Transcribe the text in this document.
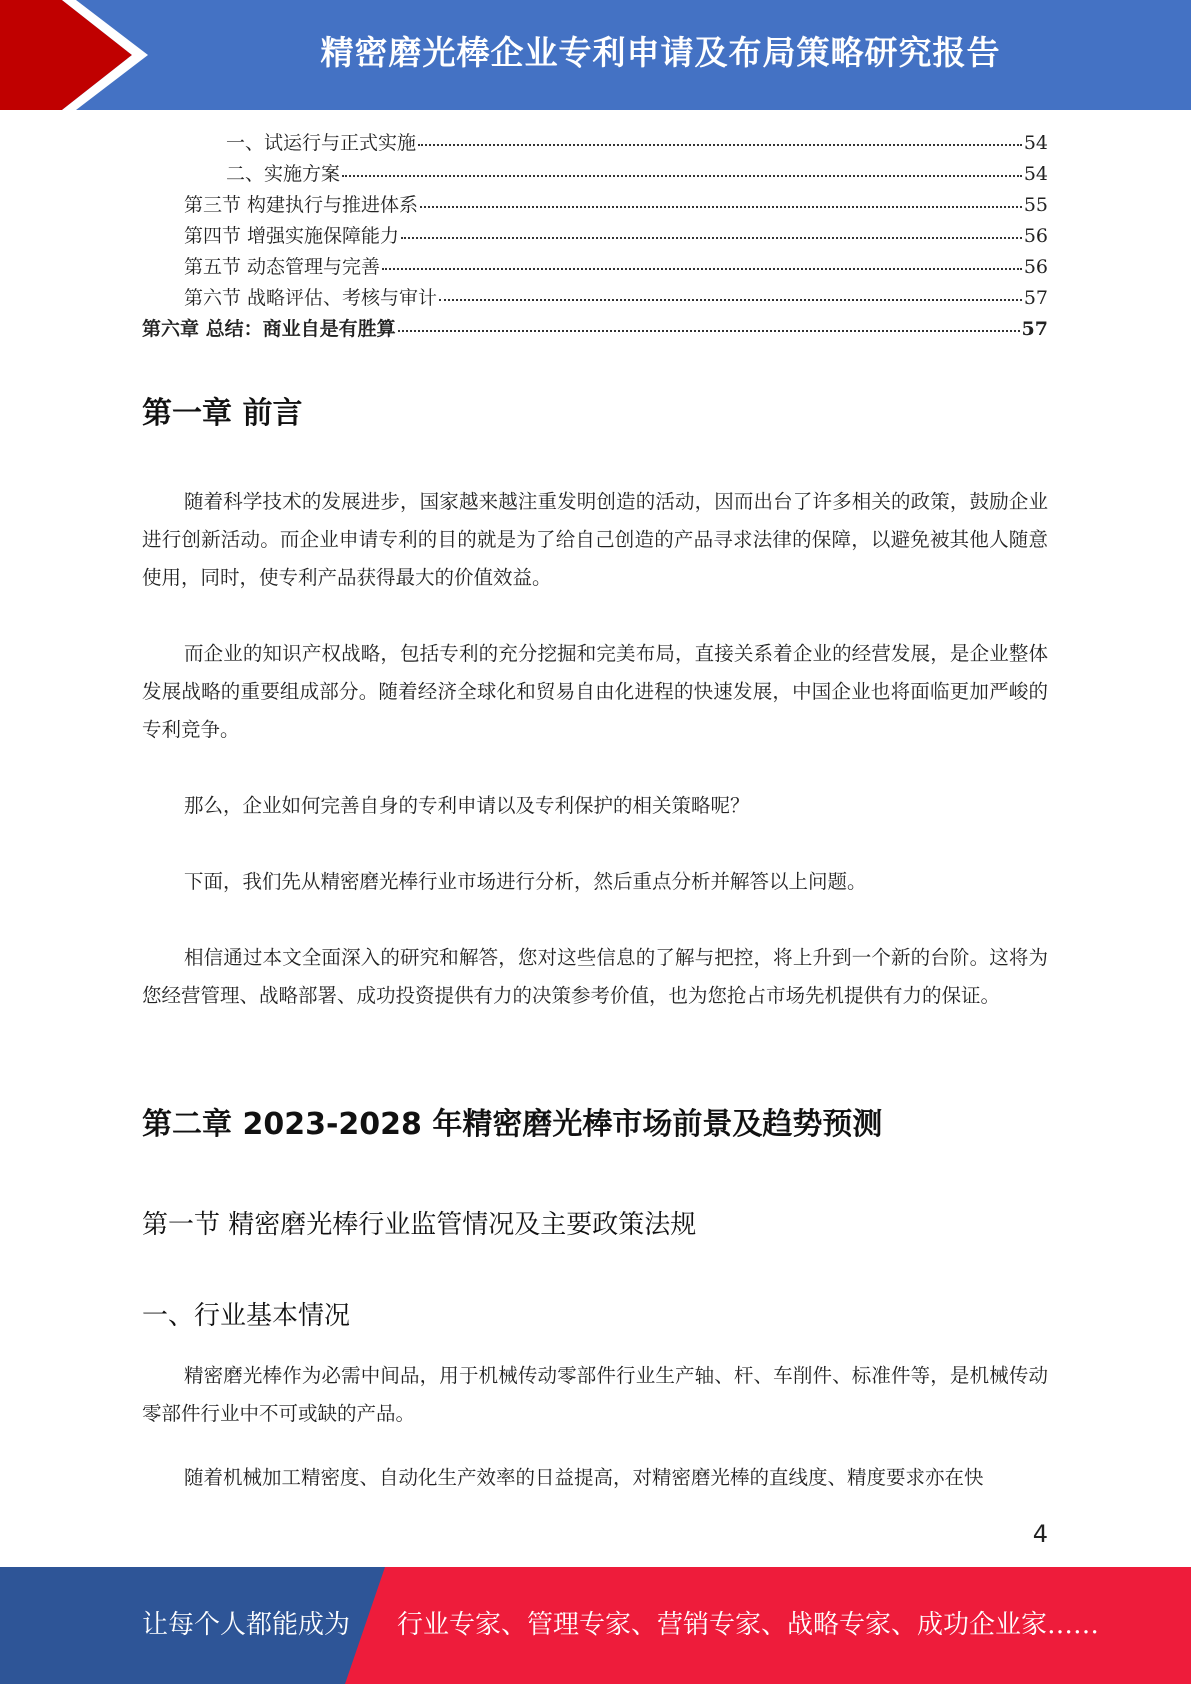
精密磨光棒企业专利申请及布局策略研究报告
一、试运行与正式实施	54
二、实施方案	54
第三节 构建执行与推进体系	55
第四节 增强实施保障能力	56
第五节 动态管理与完善	56
第六节 战略评估、考核与审计	57
第六章 总结：商业自是有胜算	57
第一章 前言

随着科学技术的发展进步，国家越来越注重发明创造的活动，因而出台了许多相关的政策，鼓励企业进行创新活动。而企业申请专利的目的就是为了给自己创造的产品寻求法律的保障，以避免被其他人随意使用，同时，使专利产品获得最大的价值效益。

而企业的知识产权战略，包括专利的充分挖掘和完美布局，直接关系着企业的经营发展，是企业整体发展战略的重要组成部分。随着经济全球化和贸易自由化进程的快速发展，中国企业也将面临更加严峻的专利竞争。

那么，企业如何完善自身的专利申请以及专利保护的相关策略呢？

下面，我们先从精密磨光棒行业市场进行分析，然后重点分析并解答以上问题。

相信通过本文全面深入的研究和解答，您对这些信息的了解与把控，将上升到一个新的台阶。这将为您经营管理、战略部署、成功投资提供有力的决策参考价值，也为您抢占市场先机提供有力的保证。

第二章 2023-2028 年精密磨光棒市场前景及趋势预测
第一节 精密磨光棒行业监管情况及主要政策法规
一、行业基本情况

精密磨光棒作为必需中间品，用于机械传动零部件行业生产轴、杆、车削件、标准件等，是机械传动零部件行业中不可或缺的产品。

随着机械加工精密度、自动化生产效率的日益提高，对精密磨光棒的直线度、精度要求亦在快

4
让每个人都能成为 行业专家、管理专家、营销专家、战略专家、成功企业家……
